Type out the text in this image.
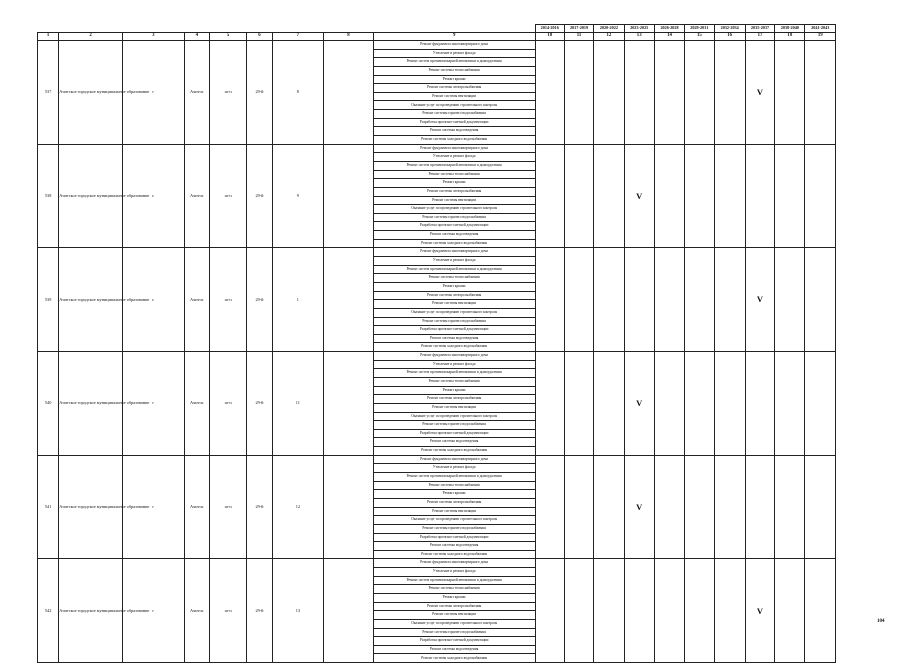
									2014-2016	2017-2019	2020-2022	2023-2025	2026-2028	2029-2031	2032-2034	2035-2037	2038-2040	2041-2043
1	2	3	4	5	6	7	8	9	10	11	12	13	14	15	16	17	18	19
537	Ачитское городское муниципальное образование	г	Ачитск	ш-п	29-й	8		Ремонт фундамента многоквартирного дома								V		
								Утепление и ремонт фасада										
								Ремонт систем противопожарной автоматики и дымоудаления										
								Ремонт системы теплоснабжения										
								Ремонт крыши										
								Ремонт системы электроснабжения										
								Ремонт системы вентиляции										
								Оказание услуг по проведению строительного контроля										
								Ремонт системы горячего водоснабжения										
								Разработка проектно-сметной документации										
								Ремонт системы водоотведения										
								Ремонт системы холодного водоснабжения										
538	Ачитское городское муниципальное образование	г.	Ачитск	ш-п	29-й	9		Ремонт фундамента многоквартирного дома				V						
								Утепление и ремонт фасада										
								Ремонт систем противопожарной автоматики и дымоудаления										
								Ремонт системы теплоснабжения										
								Ремонт крыши										
								Ремонт системы электроснабжения										
								Ремонт системы вентиляции										
								Оказание услуг по проведению строительного контроля										
								Ремонт системы горячего водоснабжения										
								Разработка проектно-сметной документации										
								Ремонт системы водоотведения										
								Ремонт системы холодного водоснабжения										
539	Ачитское городское муниципальное образование	г.	Ачитск	ш-п	29-й	1		Ремонт фундамента многоквартирного дома								V		
								Утепление и ремонт фасада										
								Ремонт систем противопожарной автоматики и дымоудаления										
								Ремонт системы теплоснабжения										
								Ремонт крыши										
								Ремонт системы электроснабжения										
								Ремонт системы вентиляции										
								Оказание услуг по проведению строительного контроля										
								Ремонт системы горячего водоснабжения										
								Разработка проектно-сметной документации										
								Ремонт системы водоотведения										
								Ремонт системы холодного водоснабжения										
540	Ачитское городское муниципальное образование	г	Ачитск	ш-п	29-й	11		Ремонт фундамента многоквартирного дома				V						
								Утепление и ремонт фасада										
								Ремонт систем противопожарной автоматики и дымоудаления										
								Ремонт системы теплоснабжения										
								Ремонт крыши										
								Ремонт системы электроснабжения										
								Ремонт системы вентиляции										
								Оказание услуг по проведению строительного контроля										
								Ремонт системы горячего водоснабжения										
								Разработка проектно-сметной документации										
								Ремонт системы водоотведения										
								Ремонт системы холодного водоснабжения										
541	Ачитское городское муниципальное образование	г	Ачитск	ш-п	29-й	12		Ремонт фундамента многоквартирного дома				V						
								Утепление и ремонт фасада										
								Ремонт систем противопожарной автоматики и дымоудаления										
								Ремонт системы теплоснабжения										
								Ремонт крыши										
								Ремонт системы электроснабжения										
								Ремонт системы вентиляции										
								Оказание услуг по проведению строительного контроля										
								Ремонт системы горячего водоснабжения										
								Разработка проектно-сметной документации										
								Ремонт системы водоотведения										
								Ремонт системы холодного водоснабжения										
542	Ачитское городское муниципальное образование	г	Ачитск	ш-п	29-й	13		Ремонт фундамента многоквартирного дома								V		
								Утепление и ремонт фасада										
								Ремонт систем противопожарной автоматики и дымоудаления										
								Ремонт системы теплоснабжения										
								Ремонт крыши										
								Ремонт системы электроснабжения										
								Ремонт системы вентиляции										
								Оказание услуг по проведению строительного контроля										
								Ремонт системы горячего водоснабжения										
								Разработка проектно-сметной документации										
								Ремонт системы водоотведения										
								Ремонт системы холодного водоснабжения										
104
